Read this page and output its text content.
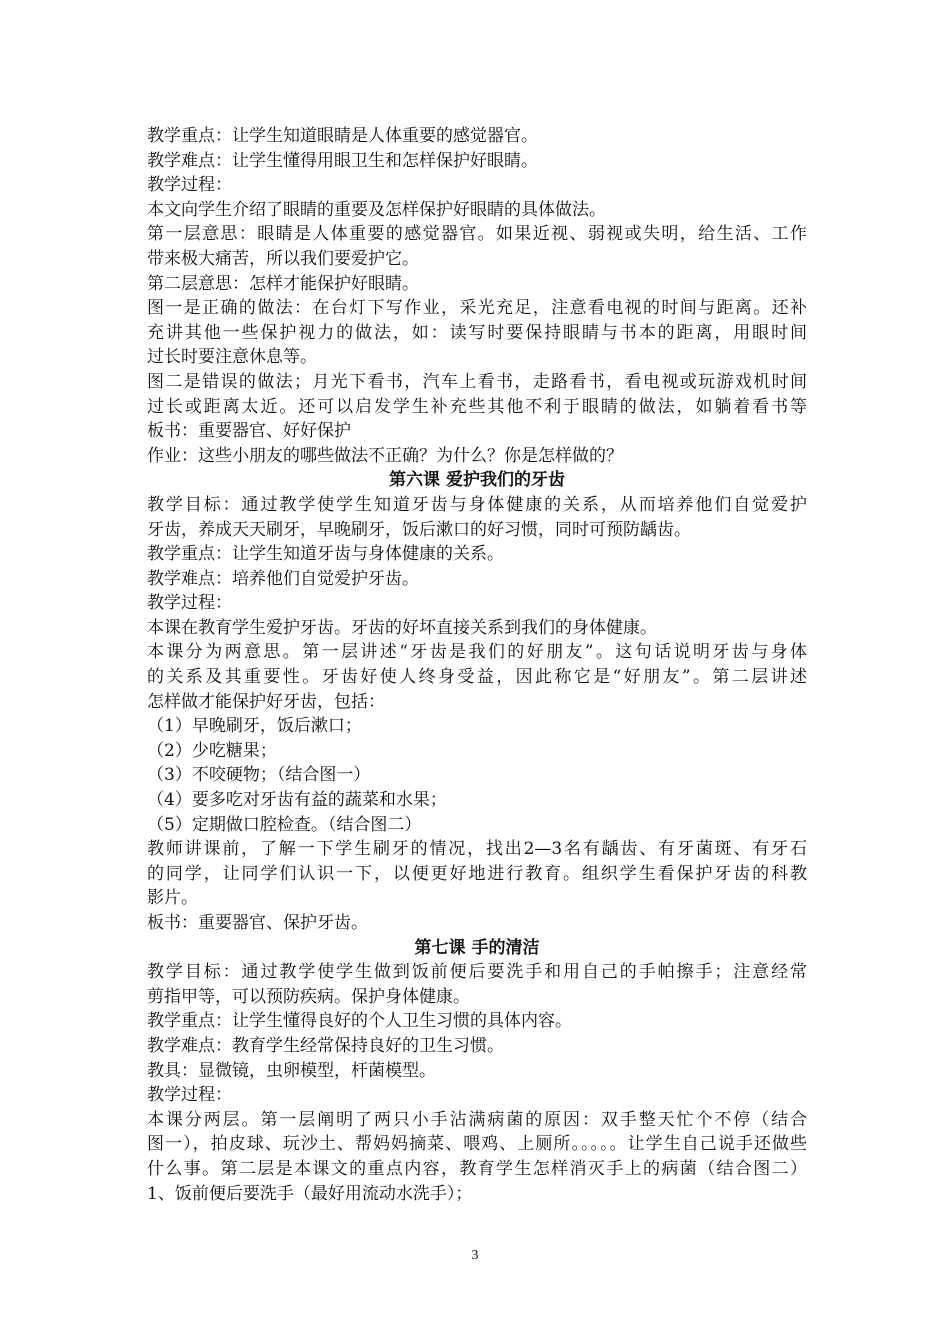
教学重点：让学生知道眼睛是人体重要的感觉器官。
教学难点：让学生懂得用眼卫生和怎样保护好眼睛。
教学过程：
本文向学生介绍了眼睛的重要及怎样保护好眼睛的具体做法。
第一层意思：眼睛是人体重要的感觉器官。如果近视、弱视或失明，给生活、工作
带来极大痛苦，所以我们要爱护它。
第二层意思：怎样才能保护好眼睛。
图一是正确的做法：在台灯下写作业，采光充足，注意看电视的时间与距离。还补
充讲其他一些保护视力的做法，如：读写时要保持眼睛与书本的距离，用眼时间
过长时要注意休息等。
图二是错误的做法；月光下看书，汽车上看书，走路看书，看电视或玩游戏机时间
过长或距离太近。还可以启发学生补充些其他不利于眼睛的做法，如躺着看书等
板书：重要器官、好好保护
作业：这些小朋友的哪些做法不正确？为什么？你是怎样做的？
第六课 爱护我们的牙齿
教学目标：通过教学使学生知道牙齿与身体健康的关系，从而培养他们自觉爱护
牙齿，养成天天刷牙，早晚刷牙，饭后漱口的好习惯，同时可预防龋齿。
教学重点：让学生知道牙齿与身体健康的关系。
教学难点：培养他们自觉爱护牙齿。
教学过程：
本课在教育学生爱护牙齿。牙齿的好坏直接关系到我们的身体健康。
本课分为两意思。第一层讲述“牙齿是我们的好朋友”。这句话说明牙齿与身体
的关系及其重要性。牙齿好使人终身受益，因此称它是“好朋友”。第二层讲述
怎样做才能保护好牙齿，包括：
（1）早晚刷牙，饭后漱口；
（2）少吃糖果；
（3）不咬硬物；（结合图一）
（4）要多吃对牙齿有益的蔬菜和水果；
（5）定期做口腔检查。（结合图二）
教师讲课前，了解一下学生刷牙的情况，找出2—3名有龋齿、有牙菌斑、有牙石
的同学，让同学们认识一下，以便更好地进行教育。组织学生看保护牙齿的科教
影片。
板书：重要器官、保护牙齿。
第七课 手的清洁
教学目标：通过教学使学生做到饭前便后要洗手和用自己的手帕擦手；注意经常
剪指甲等，可以预防疾病。保护身体健康。
教学重点：让学生懂得良好的个人卫生习惯的具体内容。
教学难点：教育学生经常保持良好的卫生习惯。
教具：显微镜，虫卵模型，杆菌模型。
教学过程：
本课分两层。第一层阐明了两只小手沾满病菌的原因：双手整天忙个不停（结合
图一），拍皮球、玩沙土、帮妈妈摘菜、喂鸡、上厕所。。。。。让学生自己说手还做些
什么事。第二层是本课文的重点内容，教育学生怎样消灭手上的病菌（结合图二）
1、饭前便后要洗手（最好用流动水洗手）；
3
